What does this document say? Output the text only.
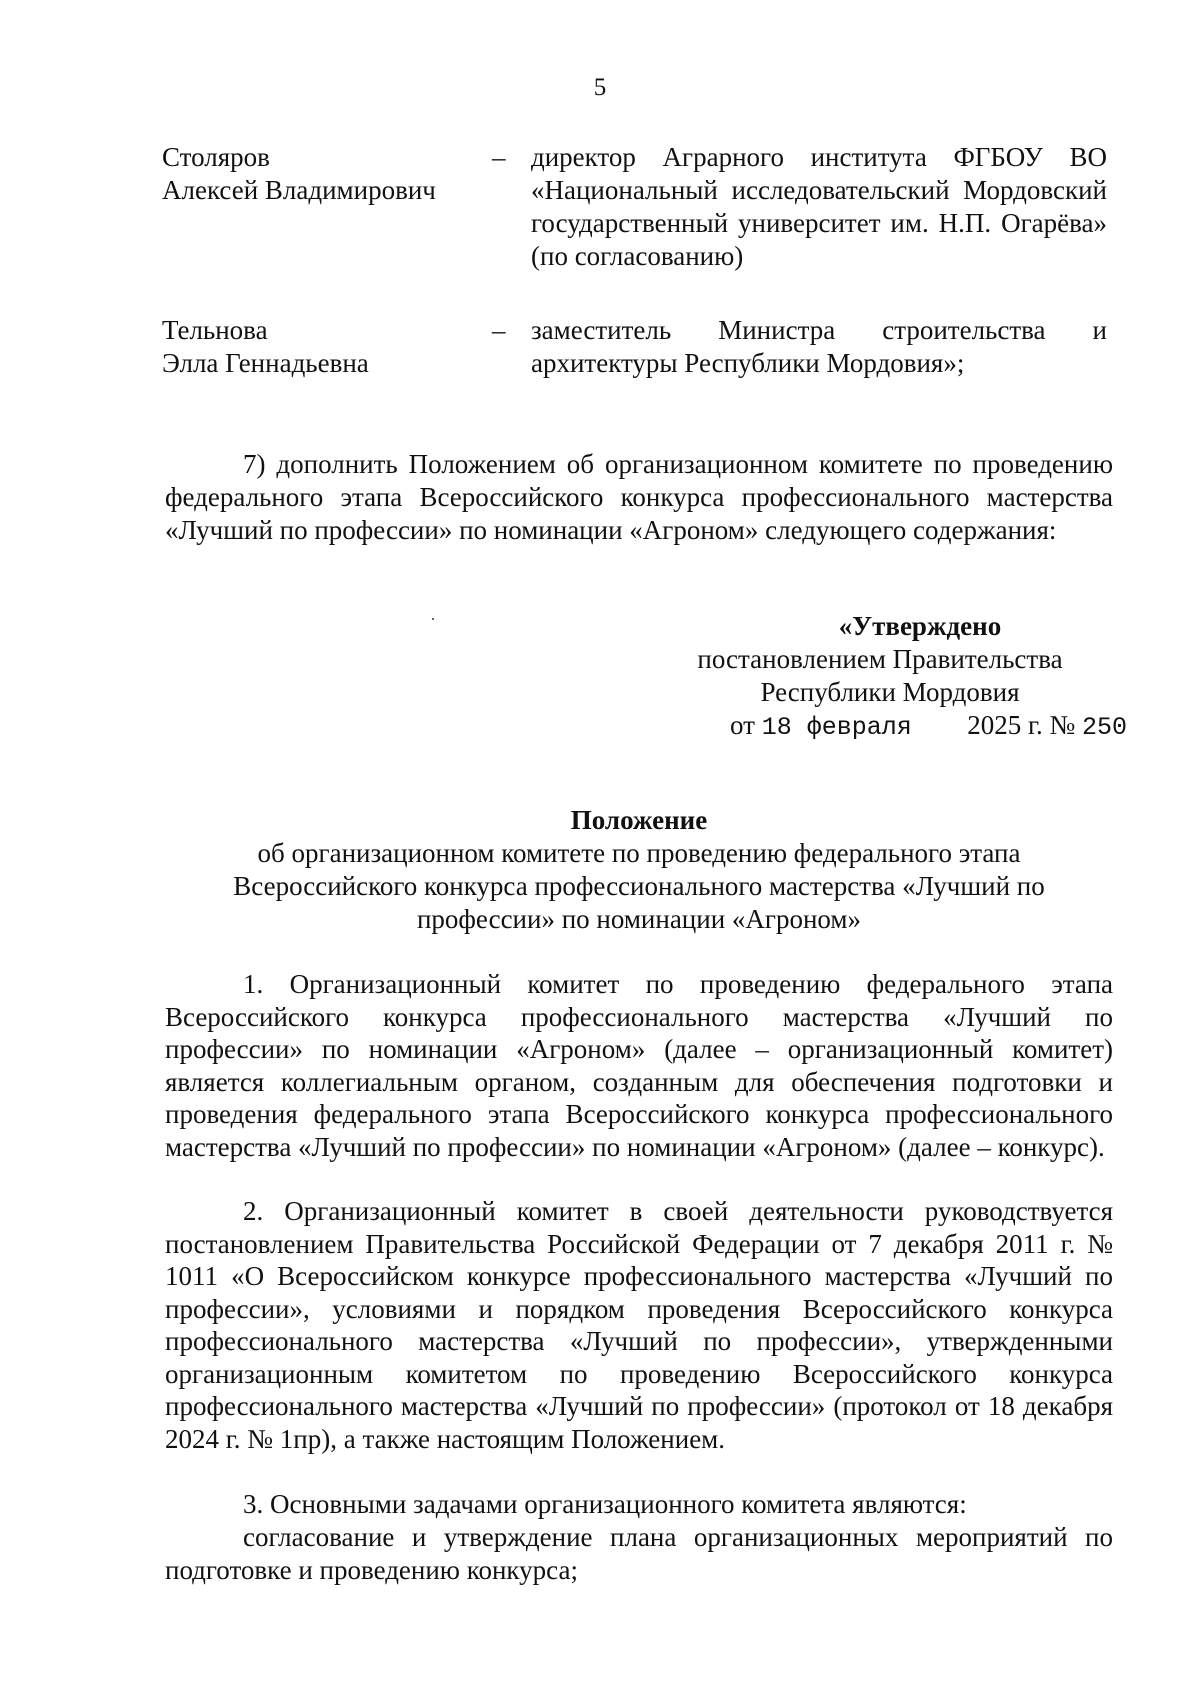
5
Столяров
Алексей Владимирович
– директор Аграрного института ФГБОУ ВО «Национальный исследовательский Мордовский государственный университет им. Н.П. Огарёва» (по согласованию)
Тельнова
Элла Геннадьевна
– заместитель Министра строительства и архитектуры Республики Мордовия»;
7) дополнить Положением об организационном комитете по проведению федерального этапа Всероссийского конкурса профессионального мастерства «Лучший по профессии» по номинации «Агроном» следующего содержания:
«Утверждено
постановлением Правительства
Республики Мордовия
от 18 февраля 2025 г. № 250
Положение
об организационном комитете по проведению федерального этапа
Всероссийского конкурса профессионального мастерства «Лучший по
профессии» по номинации «Агроном»
1. Организационный комитет по проведению федерального этапа Всероссийского конкурса профессионального мастерства «Лучший по профессии» по номинации «Агроном» (далее – организационный комитет) является коллегиальным органом, созданным для обеспечения подготовки и проведения федерального этапа Всероссийского конкурса профессионального мастерства «Лучший по профессии» по номинации «Агроном» (далее – конкурс).
2. Организационный комитет в своей деятельности руководствуется постановлением Правительства Российской Федерации от 7 декабря 2011 г. № 1011 «О Всероссийском конкурсе профессионального мастерства «Лучший по профессии», условиями и порядком проведения Всероссийского конкурса профессионального мастерства «Лучший по профессии», утвержденными организационным комитетом по проведению Всероссийского конкурса профессионального мастерства «Лучший по профессии» (протокол от 18 декабря 2024 г. № 1пр), а также настоящим Положением.
3. Основными задачами организационного комитета являются:
согласование и утверждение плана организационных мероприятий по подготовке и проведению конкурса;
